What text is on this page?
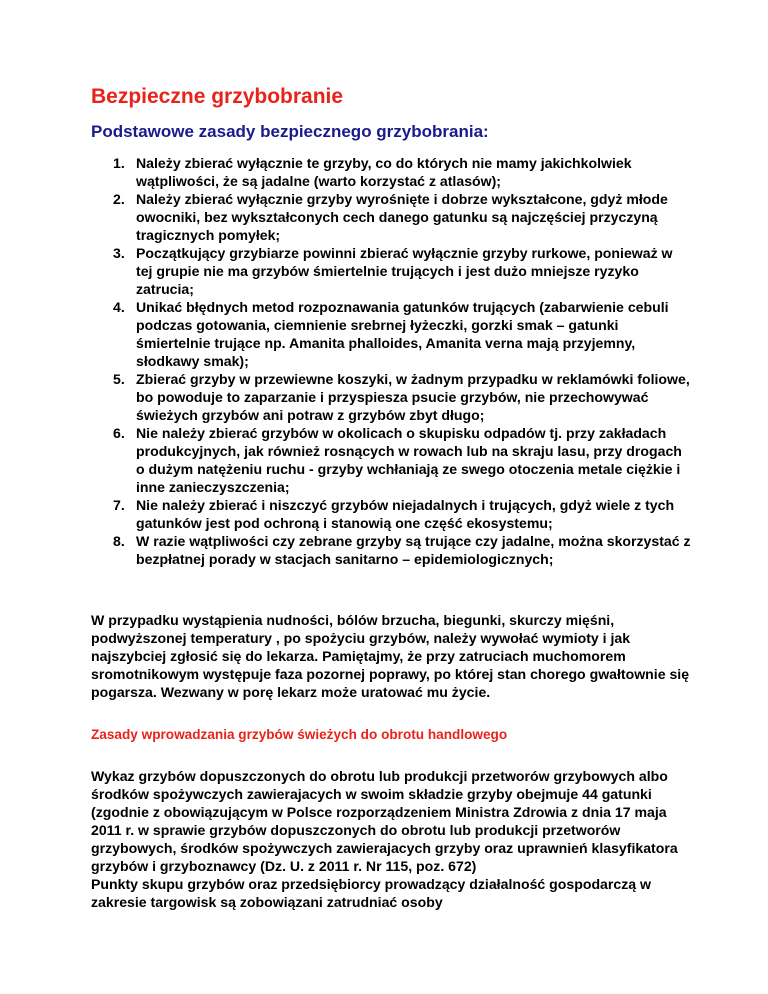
Bezpieczne grzybobranie
Podstawowe zasady bezpiecznego grzybobrania:
1. Należy zbierać wyłącznie te grzyby, co do których nie mamy jakichkolwiek wątpliwości, że są jadalne (warto korzystać z atlasów);
2. Należy zbierać wyłącznie grzyby wyrośnięte i dobrze wykształcone, gdyż młode owocniki, bez wykształconych cech danego gatunku są najczęściej przyczyną tragicznych pomyłek;
3. Początkujący grzybiarze powinni zbierać wyłącznie grzyby rurkowe, ponieważ w tej grupie nie ma grzybów śmiertelnie trujących i jest dużo mniejsze ryzyko zatrucia;
4. Unikać błędnych metod rozpoznawania gatunków trujących (zabarwienie cebuli podczas gotowania, ciemnienie srebrnej łyżeczki, gorzki smak – gatunki śmiertelnie trujące np. Amanita phalloides, Amanita verna mają przyjemny, słodkawy smak);
5. Zbierać grzyby w przewiewne koszyki, w żadnym przypadku w reklamówki foliowe, bo powoduje to zaparzanie i przyspiesza psucie grzybów, nie przechowywać świeżych grzybów ani potraw z grzybów zbyt długo;
6. Nie należy zbierać grzybów w okolicach o skupisku odpadów tj. przy zakładach produkcyjnych, jak również rosnących w rowach lub na skraju lasu, przy drogach o dużym natężeniu ruchu - grzyby wchłaniają ze swego otoczenia metale ciężkie i inne zanieczyszczenia;
7. Nie należy zbierać i niszczyć grzybów niejadalnych i trujących, gdyż wiele z tych gatunków jest pod ochroną i stanowią one część ekosystemu;
8. W razie wątpliwości czy zebrane grzyby są trujące czy jadalne, można skorzystać z bezpłatnej porady w stacjach sanitarno – epidemiologicznych;

W przypadku wystąpienia nudności, bólów brzucha, biegunki, skurczy mięśni, podwyższonej temperatury , po spożyciu grzybów, należy wywołać wymioty i jak najszybciej zgłosić się do lekarza. Pamiętajmy, że przy zatruciach muchomorem sromotnikowym występuje faza pozornej poprawy, po której stan chorego gwałtownie się pogarsza. Wezwany w porę lekarz może uratować mu życie.

Zasady wprowadzania grzybów świeżych do obrotu handlowego

Wykaz grzybów dopuszczonych do obrotu lub produkcji przetworów grzybowych albo środków spożywczych zawierajacych w swoim składzie grzyby obejmuje 44 gatunki (zgodnie z obowiązującym w Polsce rozporządzeniem Ministra Zdrowia z dnia 17 maja 2011 r. w sprawie grzybów dopuszczonych do obrotu lub produkcji przetworów grzybowych, środków spożywczych zawierajacych grzyby oraz uprawnień klasyfikatora grzybów i grzyboznawcy (Dz. U. z 2011 r. Nr 115, poz. 672)
Punkty skupu grzybów oraz przedsiębiorcy prowadzący działalność gospodarczą w zakresie targowisk są zobowiązani zatrudniać osoby
